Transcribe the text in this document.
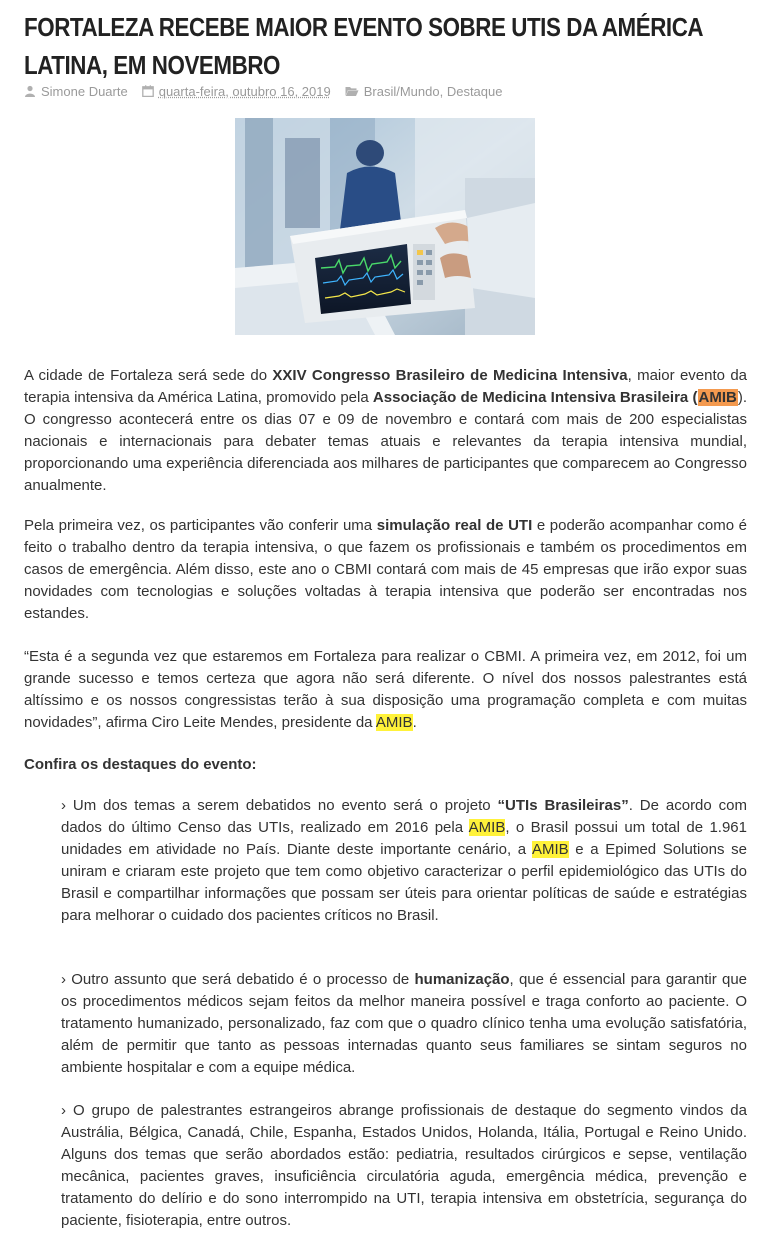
FORTALEZA RECEBE MAIOR EVENTO SOBRE UTIS DA AMÉRICA LATINA, EM NOVEMBRO
Simone Duarte quarta-feira, outubro 16, 2019	Brasil/Mundo, Destaque

A cidade de Fortaleza será sede do XXIV Congresso Brasileiro de Medicina Intensiva, maior evento da terapia intensiva da América Latina, promovido pela Associação de Medicina Intensiva Brasileira (AMIB). O congresso acontecerá entre os dias 07 e 09 de novembro e contará com mais de 200 especialistas nacionais e internacionais para debater temas atuais e relevantes da terapia intensiva mundial, proporcionando uma experiência diferenciada aos milhares de participantes que comparecem ao Congresso anualmente.

Pela primeira vez, os participantes vão conferir uma simulação real de UTI e poderão acompanhar como é feito o trabalho dentro da terapia intensiva, o que fazem os profissionais e também os procedimentos em casos de emergência. Além disso, este ano o CBMI contará com mais de 45 empresas que irão expor suas novidades com tecnologias e soluções voltadas à terapia intensiva que poderão ser encontradas nos estandes.

“Esta é a segunda vez que estaremos em Fortaleza para realizar o CBMI. A primeira vez, em 2012, foi um grande sucesso e temos certeza que agora não será diferente. O nível dos nossos palestrantes está altíssimo e os nossos congressistas terão à sua disposição uma programação completa e com muitas novidades”, afirma Ciro Leite Mendes, presidente da AMIB.

Confira os destaques do evento:

› Um dos temas a serem debatidos no evento será o projeto “UTIs Brasileiras”. De acordo com dados do último Censo das UTIs, realizado em 2016 pela AMIB, o Brasil possui um total de 1.961 unidades em atividade no País. Diante deste importante cenário, a AMIB e a Epimed Solutions se uniram e criaram este projeto que tem como objetivo caracterizar o perfil epidemiológico das UTIs do Brasil e compartilhar informações que possam ser úteis para orientar políticas de saúde e estratégias para melhorar o cuidado dos pacientes críticos no Brasil.

› Outro assunto que será debatido é o processo de humanização, que é essencial para garantir que os procedimentos médicos sejam feitos da melhor maneira possível e traga conforto ao paciente. O tratamento humanizado, personalizado, faz com que o quadro clínico tenha uma evolução satisfatória, além de permitir que tanto as pessoas internadas quanto seus familiares se sintam seguros no ambiente hospitalar e com a equipe médica.

› O grupo de palestrantes estrangeiros abrange profissionais de destaque do segmento vindos da Austrália, Bélgica, Canadá, Chile, Espanha, Estados Unidos, Holanda, Itália, Portugal e Reino Unido. Alguns dos temas que serão abordados estão: pediatria, resultados cirúrgicos e sepse, ventilação mecânica, pacientes graves, insuficiência circulatória aguda, emergência médica, prevenção e tratamento do delírio e do sono interrompido na UTI, terapia intensiva em obstetrícia, segurança do paciente, fisioterapia, entre outros.
